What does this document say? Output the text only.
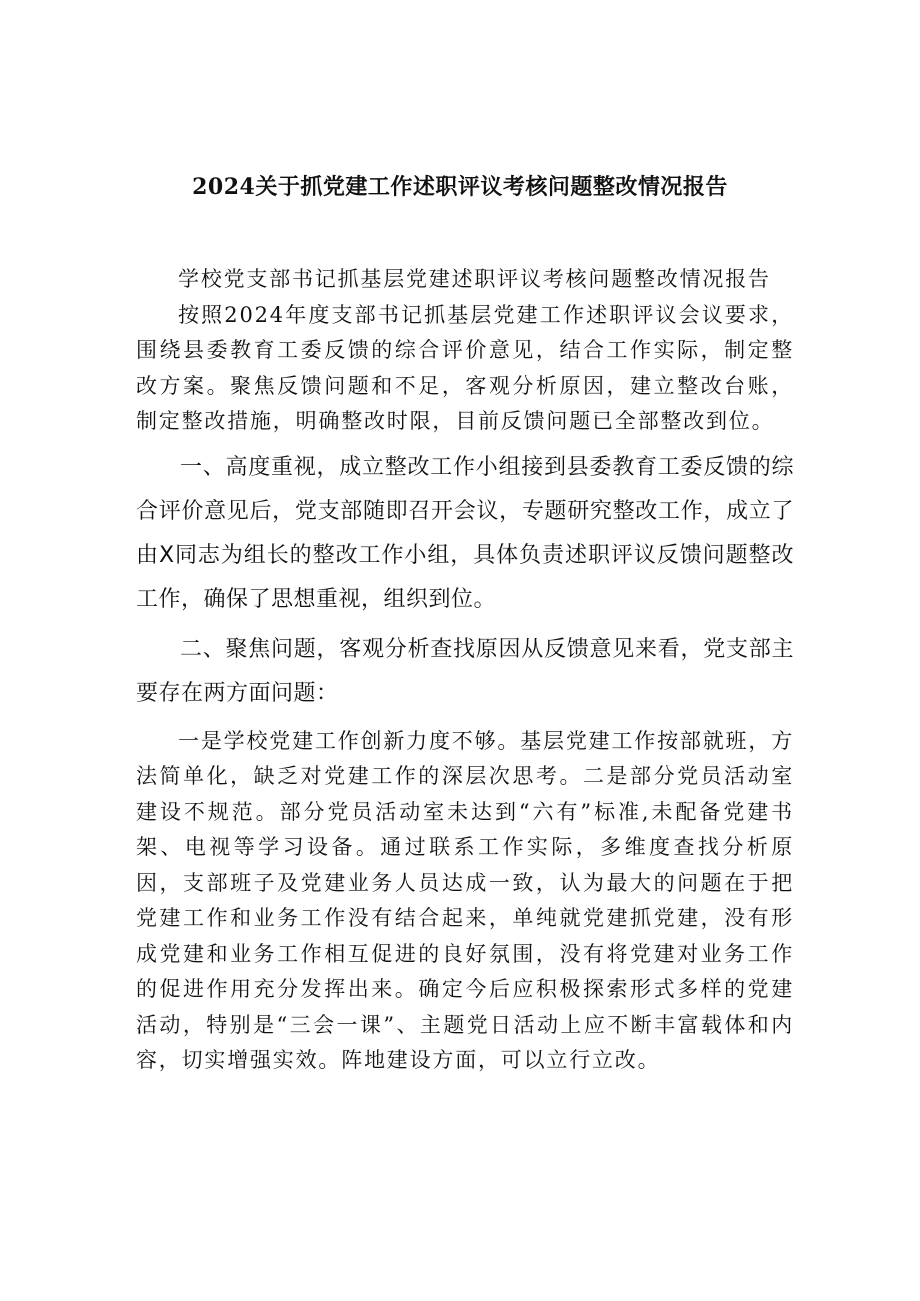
2024关于抓党建工作述职评议考核问题整改情况报告

学校党支部书记抓基层党建述职评议考核问题整改情况报告

按照2024年度支部书记抓基层党建工作述职评议会议要求，围绕县委教育工委反馈的综合评价意见，结合工作实际，制定整改方案。聚焦反馈问题和不足，客观分析原因，建立整改台账，制定整改措施，明确整改时限，目前反馈问题已全部整改到位。

一、高度重视，成立整改工作小组接到县委教育工委反馈的综合评价意见后，党支部随即召开会议，专题研究整改工作，成立了由X同志为组长的整改工作小组，具体负责述职评议反馈问题整改工作，确保了思想重视，组织到位。

二、聚焦问题，客观分析查找原因从反馈意见来看，党支部主要存在两方面问题：

一是学校党建工作创新力度不够。基层党建工作按部就班，方法简单化，缺乏对党建工作的深层次思考。二是部分党员活动室建设不规范。部分党员活动室未达到“六有”标准,未配备党建书架、电视等学习设备。通过联系工作实际，多维度查找分析原因，支部班子及党建业务人员达成一致，认为最大的问题在于把党建工作和业务工作没有结合起来，单纯就党建抓党建，没有形成党建和业务工作相互促进的良好氛围，没有将党建对业务工作的促进作用充分发挥出来。确定今后应积极探索形式多样的党建活动，特别是“三会一课”、主题党日活动上应不断丰富载体和内容，切实增强实效。阵地建设方面，可以立行立改。
